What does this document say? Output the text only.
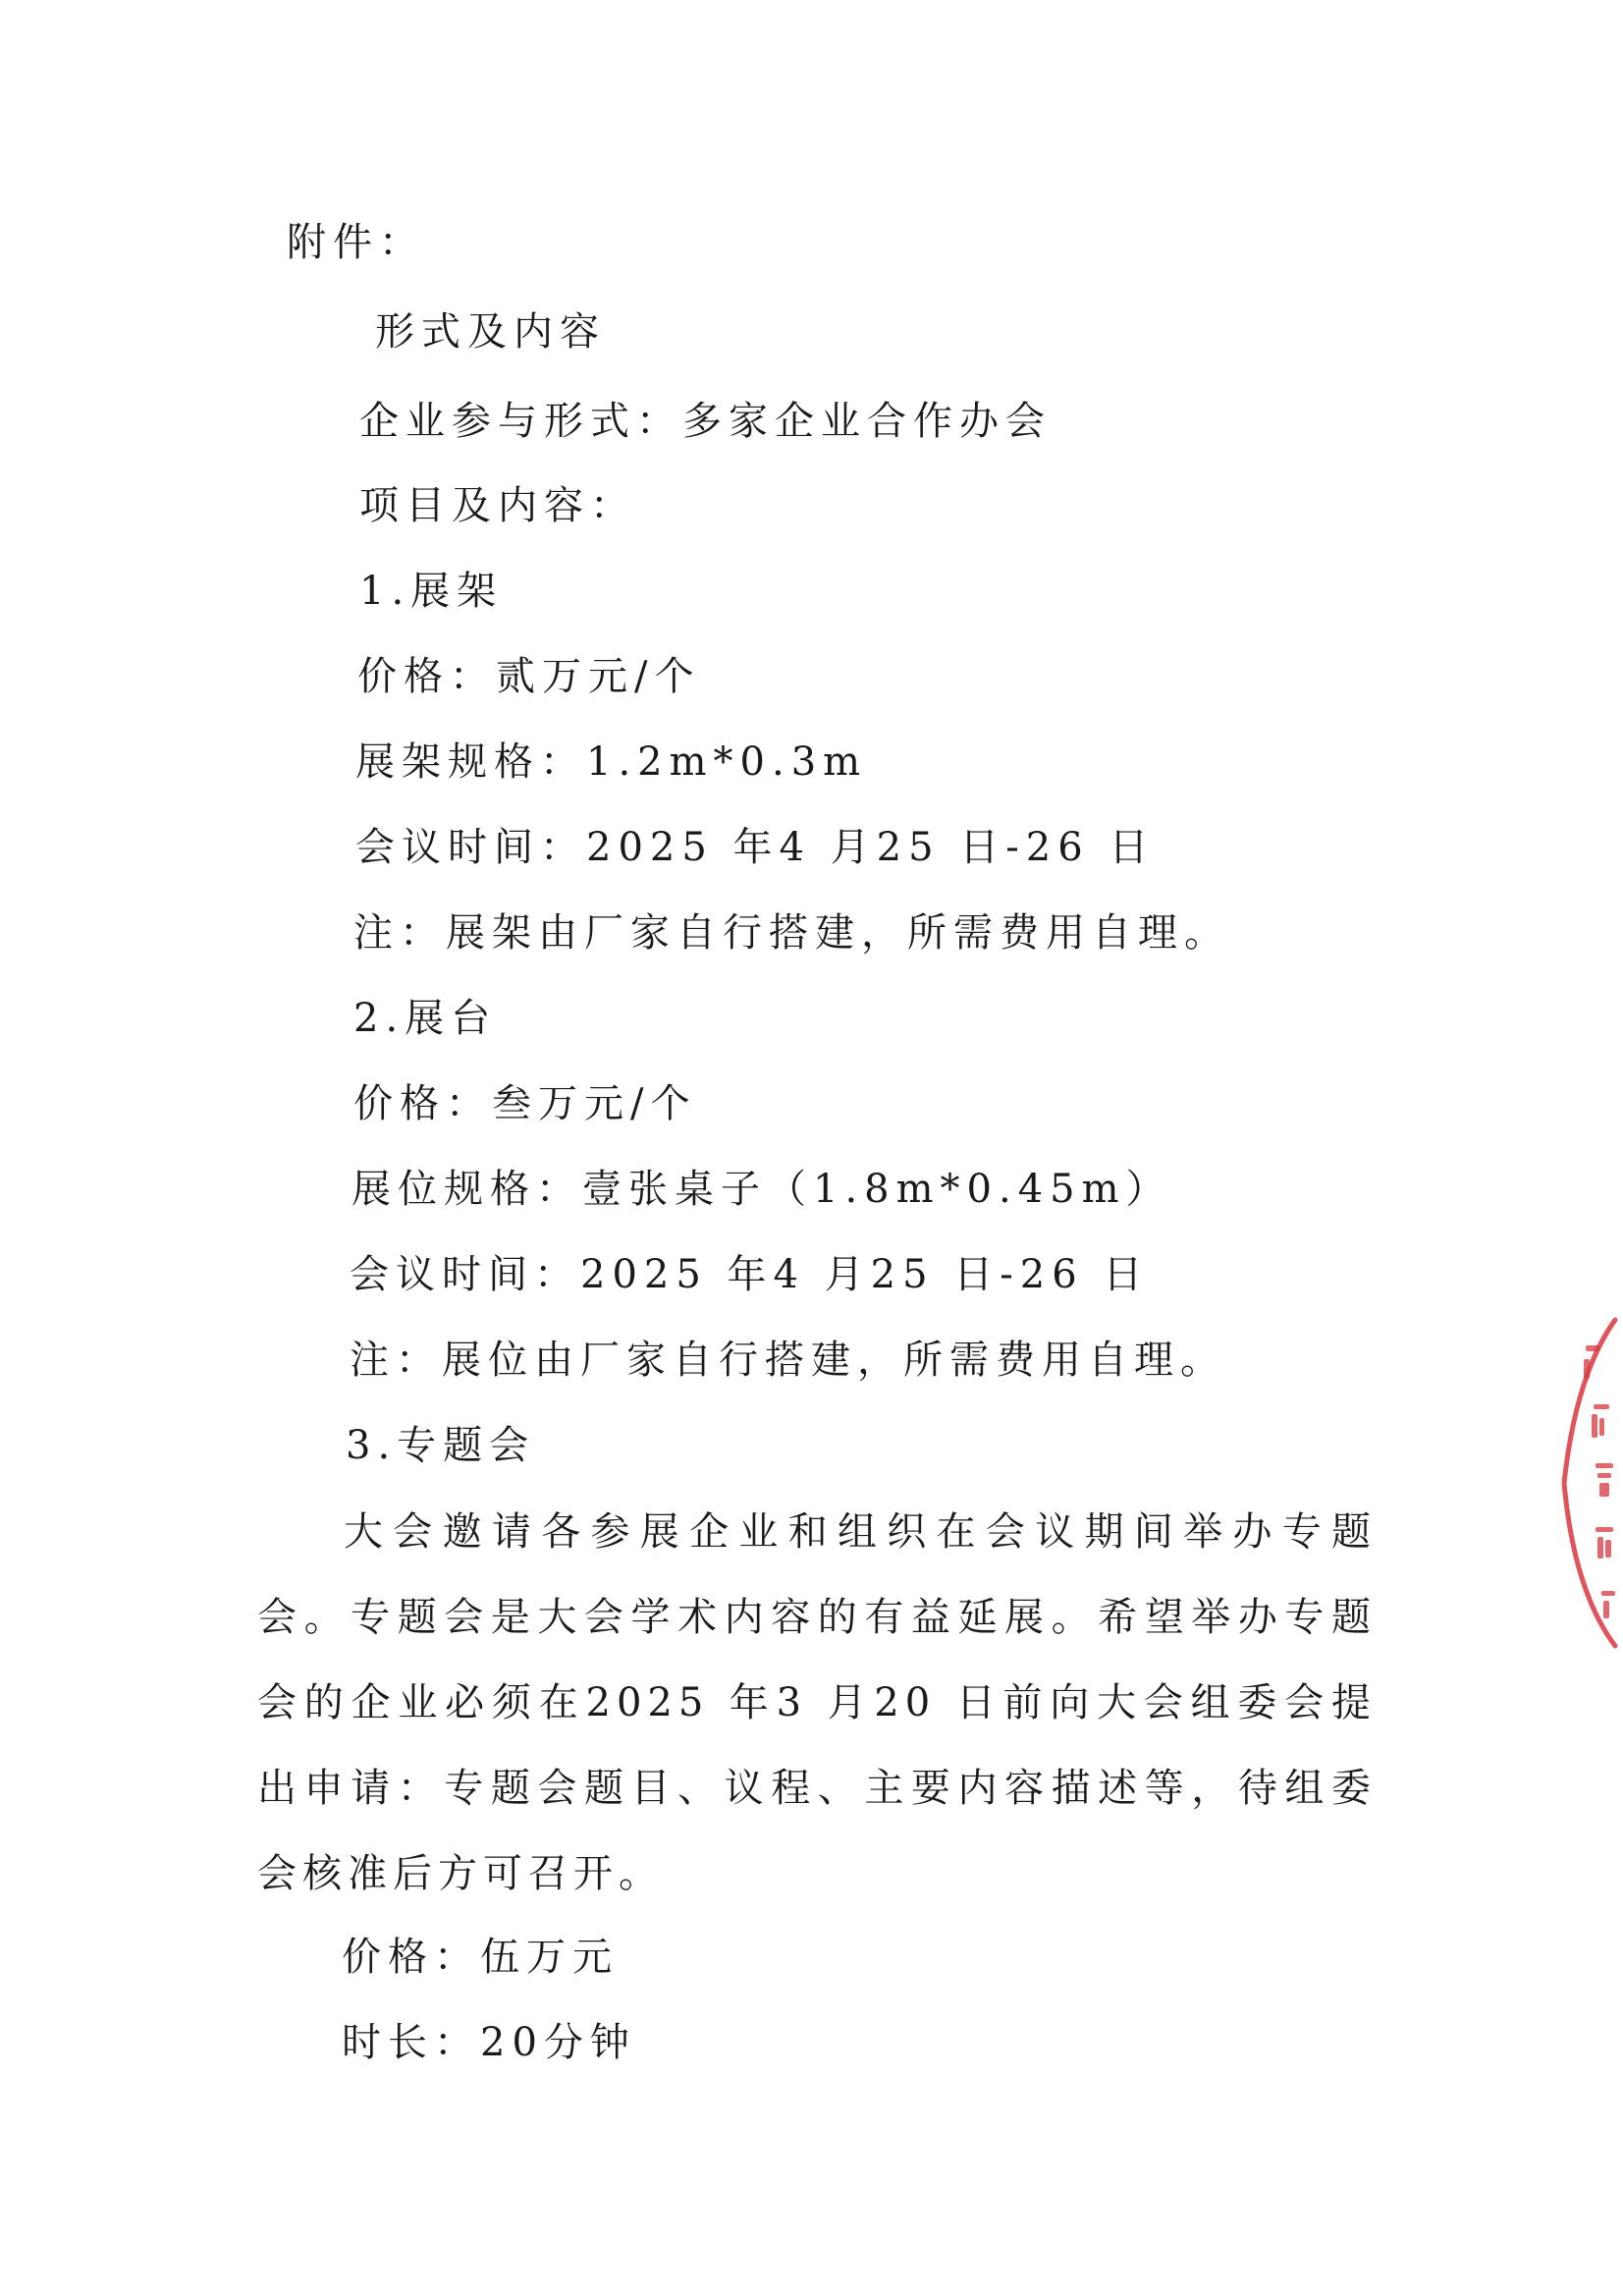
附件：
形式及内容
企业参与形式：多家企业合作办会
项目及内容：
1.展架
价格：贰万元/个
展架规格：1.2m*0.3m
会议时间：2025 年4 月25 日-26 日
注：展架由厂家自行搭建，所需费用自理。
2.展台
价格：叁万元/个
展位规格：壹张桌子（1.8m*0.45m）
会议时间：2025 年4 月25 日-26 日
注：展位由厂家自行搭建，所需费用自理。
3.专题会
大会邀请各参展企业和组织在会议期间举办专题会。专题会是大会学术内容的有益延展。希望举办专题会的企业必须在2025 年3 月20 日前向大会组委会提出申请：专题会题目、议程、主要内容描述等，待组委会核准后方可召开。
价格：伍万元
时长：20分钟
